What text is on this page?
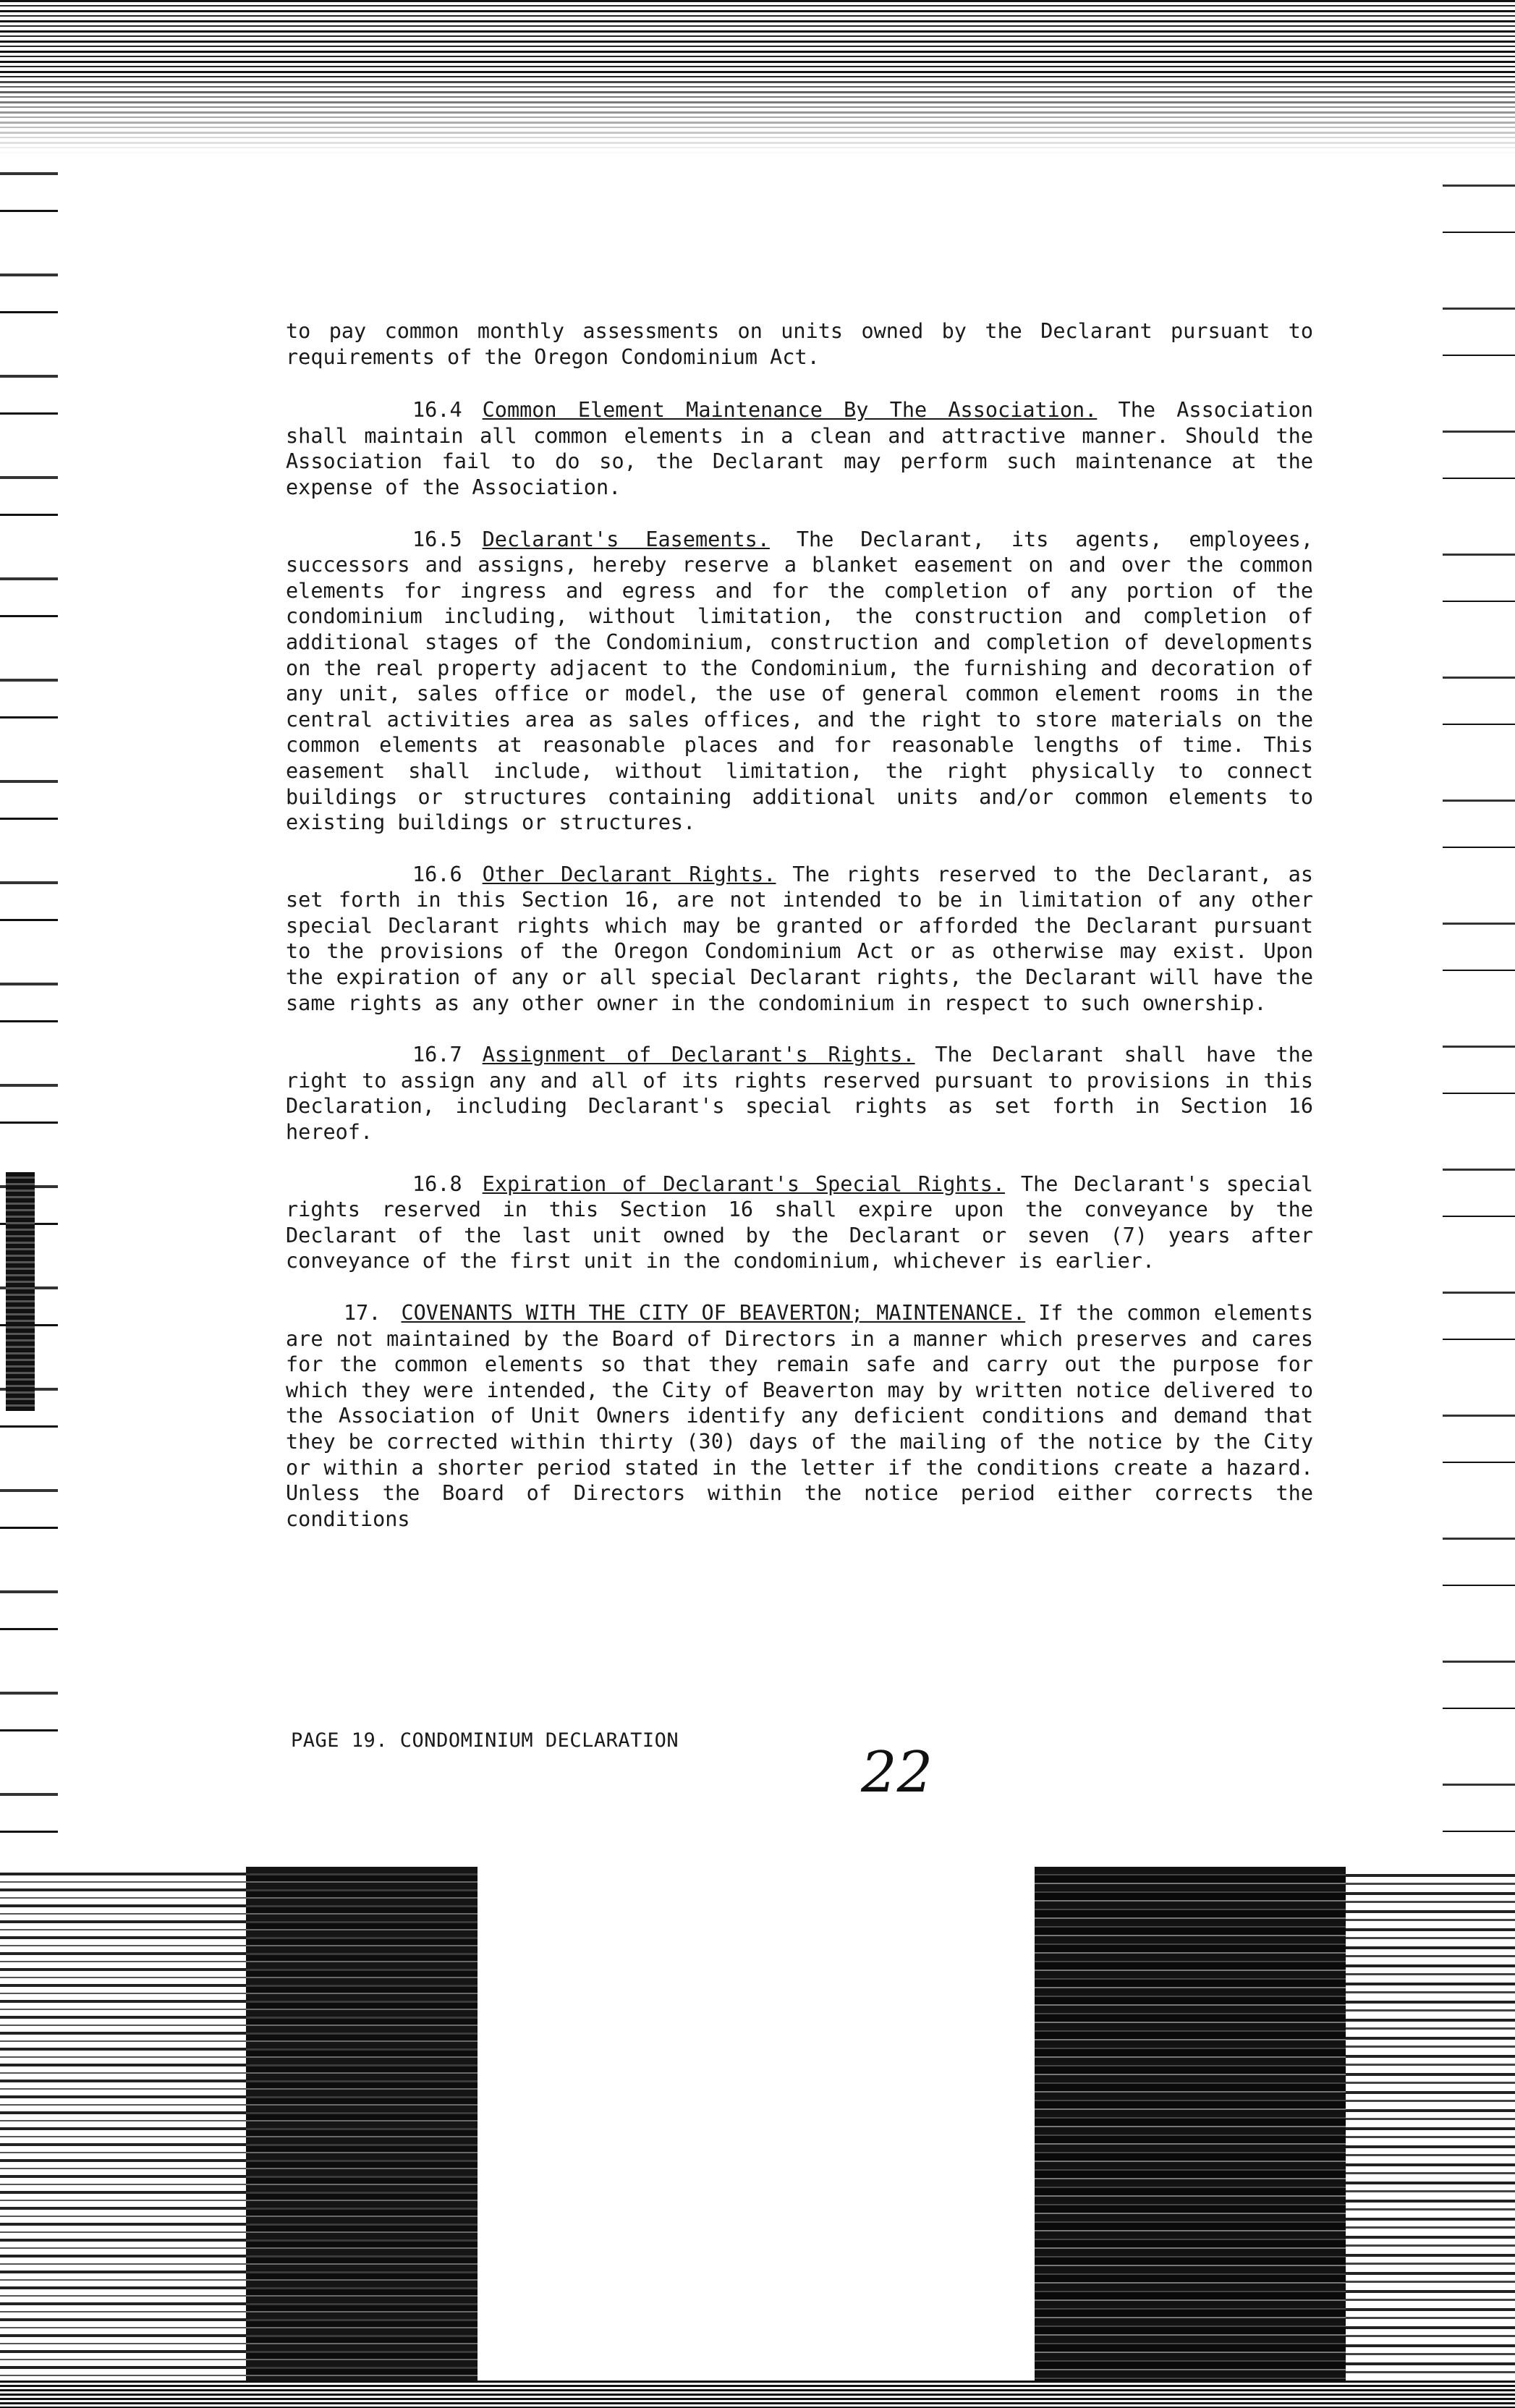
to pay common monthly assessments on units owned by the Declarant pursuant to requirements of the Oregon Condominium Act.

16.4 Common Element Maintenance By The Association. The Association shall maintain all common elements in a clean and attractive manner. Should the Association fail to do so, the Declarant may perform such maintenance at the expense of the Association.

16.5 Declarant's Easements. The Declarant, its agents, employees, successors and assigns, hereby reserve a blanket easement on and over the common elements for ingress and egress and for the completion of any portion of the condominium including, without limitation, the construction and completion of additional stages of the Condominium, construction and completion of developments on the real property adjacent to the Condominium, the furnishing and decoration of any unit, sales office or model, the use of general common element rooms in the central activities area as sales offices, and the right to store materials on the common elements at reasonable places and for reasonable lengths of time. This easement shall include, without limitation, the right physically to connect buildings or structures containing additional units and/or common elements to existing buildings or structures.

16.6 Other Declarant Rights. The rights reserved to the Declarant, as set forth in this Section 16, are not intended to be in limitation of any other special Declarant rights which may be granted or afforded the Declarant pursuant to the provisions of the Oregon Condominium Act or as otherwise may exist. Upon the expiration of any or all special Declarant rights, the Declarant will have the same rights as any other owner in the condominium in respect to such ownership.

16.7 Assignment of Declarant's Rights. The Declarant shall have the right to assign any and all of its rights reserved pursuant to provisions in this Declaration, including Declarant's special rights as set forth in Section 16 hereof.

16.8 Expiration of Declarant's Special Rights. The Declarant's special rights reserved in this Section 16 shall expire upon the conveyance by the Declarant of the last unit owned by the Declarant or seven (7) years after conveyance of the first unit in the condominium, whichever is earlier.

17. COVENANTS WITH THE CITY OF BEAVERTON; MAINTENANCE. If the common elements are not maintained by the Board of Directors in a manner which preserves and cares for the common elements so that they remain safe and carry out the purpose for which they were intended, the City of Beaverton may by written notice delivered to the Association of Unit Owners identify any deficient conditions and demand that they be corrected within thirty (30) days of the mailing of the notice by the City or within a shorter period stated in the letter if the conditions create a hazard. Unless the Board of Directors within the notice period either corrects the conditions

PAGE 19. CONDOMINIUM DECLARATION	22
